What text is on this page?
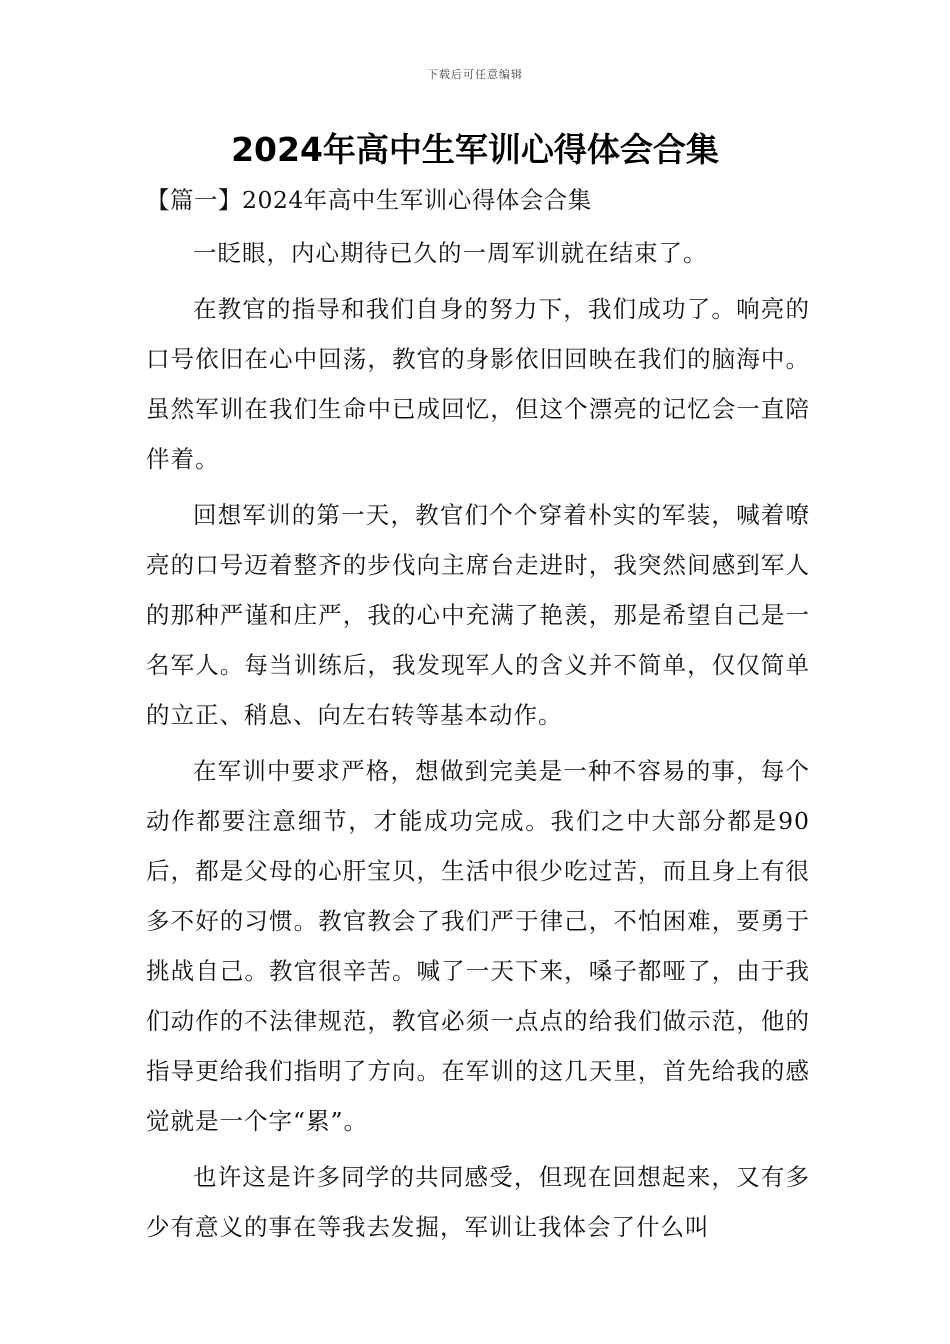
下载后可任意编辑
2024年高中生军训心得体会合集

【篇一】2024年高中生军训心得体会合集

一眨眼，内心期待已久的一周军训就在结束了。

在教官的指导和我们自身的努力下，我们成功了。响亮的口号依旧在心中回荡，教官的身影依旧回映在我们的脑海中。虽然军训在我们生命中已成回忆，但这个漂亮的记忆会一直陪伴着。

回想军训的第一天，教官们个个穿着朴实的军装，喊着嘹亮的口号迈着整齐的步伐向主席台走进时，我突然间感到军人的那种严谨和庄严，我的心中充满了艳羡，那是希望自己是一名军人。每当训练后，我发现军人的含义并不简单，仅仅简单的立正、稍息、向左右转等基本动作。

在军训中要求严格，想做到完美是一种不容易的事，每个动作都要注意细节，才能成功完成。我们之中大部分都是90后，都是父母的心肝宝贝，生活中很少吃过苦，而且身上有很多不好的习惯。教官教会了我们严于律己，不怕困难，要勇于挑战自己。教官很辛苦。喊了一天下来，嗓子都哑了，由于我们动作的不法律规范，教官必须一点点的给我们做示范，他的指导更给我们指明了方向。在军训的这几天里，首先给我的感觉就是一个字“累”。

也许这是许多同学的共同感受，但现在回想起来，又有多少有意义的事在等我去发掘，军训让我体会了什么叫
